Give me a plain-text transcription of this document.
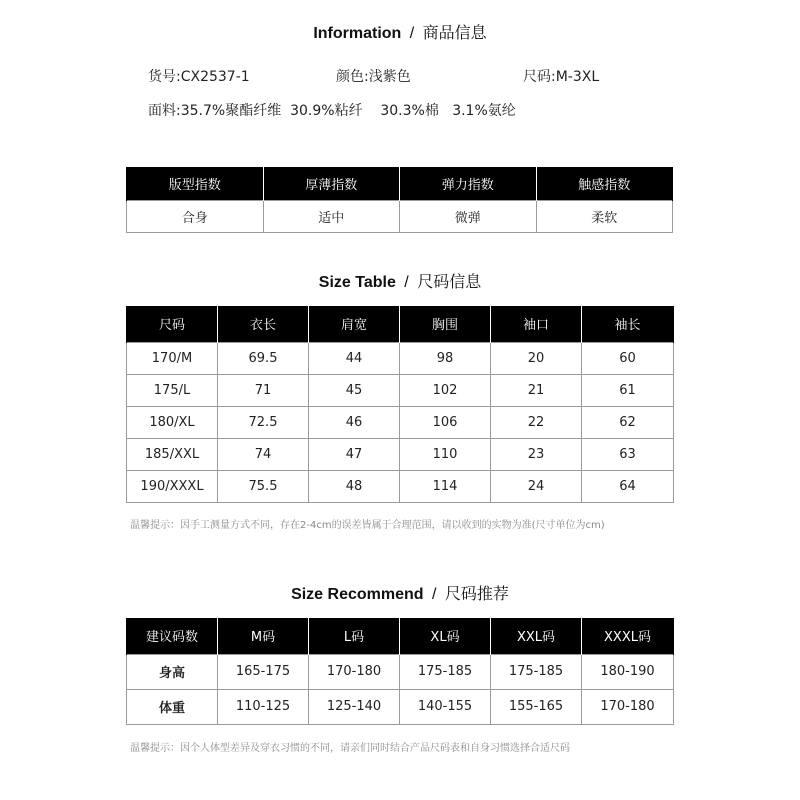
Information / 商品信息
货号:CX2537-1	颜色:浅紫色	尺码:M-3XL
面料:35.7%聚酯纤维  30.9%粘纤    30.3%棉   3.1%氨纶
版型指数	厚薄指数	弹力指数	触感指数
合身	适中	微弹	柔软
Size Table / 尺码信息
尺码	衣长	肩宽	胸围	袖口	袖长
170/M	69.5	44	98	20	60
175/L	71	45	102	21	61
180/XL	72.5	46	106	22	62
185/XXL	74	47	110	23	63
190/XXXL	75.5	48	114	24	64
温馨提示：因手工测量方式不同，存在2-4cm的误差皆属于合理范围，请以收到的实物为准(尺寸单位为cm)
Size Recommend / 尺码推荐
建议码数	M码	L码	XL码	XXL码	XXXL码
身高	165-175	170-180	175-185	175-185	180-190
体重	110-125	125-140	140-155	155-165	170-180
温馨提示：因个人体型差异及穿衣习惯的不同，请亲们同时结合产品尺码表和自身习惯选择合适尺码
